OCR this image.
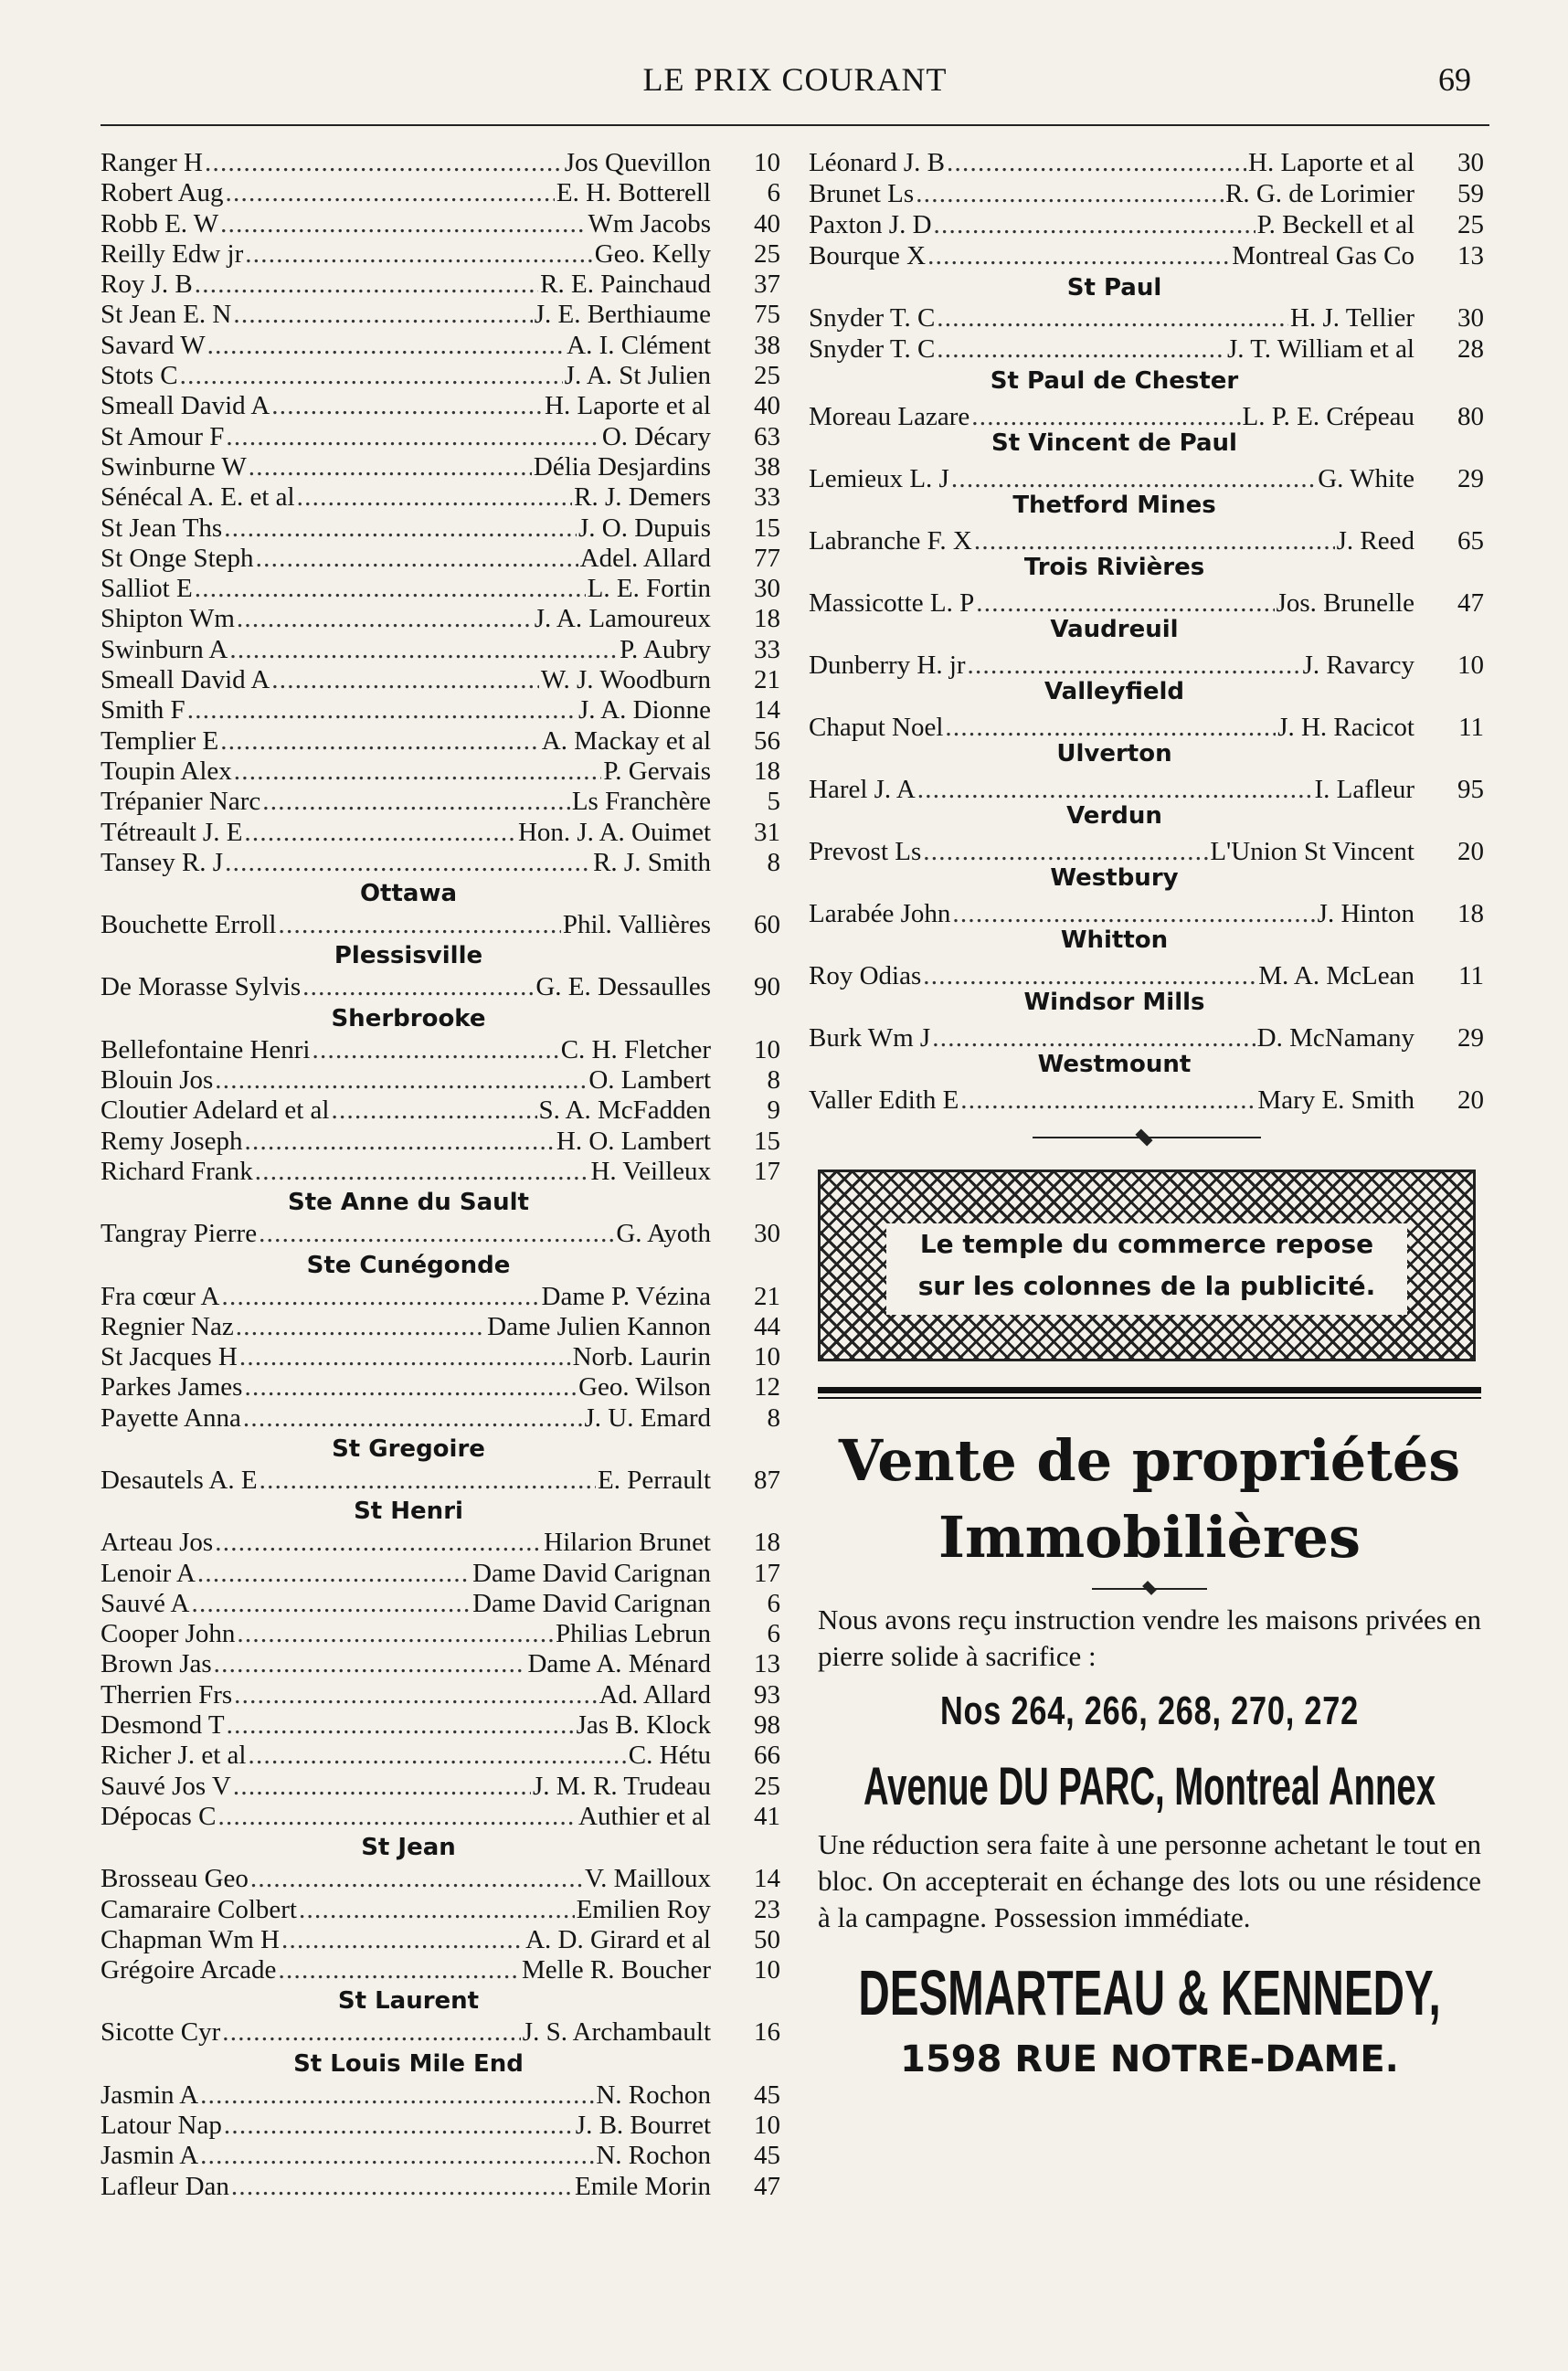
LE PRIX COURANT	69
Ranger H . . .	Jos Quevillon	10
Robert Aug . . .	E. H. Botterell	6
Robb E. W . . .	Wm Jacobs	40
Reilly Edw jr . . .	Geo. Kelly	25
Roy J. B . . .	R. E. Painchaud	37
St Jean E. N . . .	J. E. Berthiaume	75
Savard W . . .	A. I. Clément	38
Stots C . . .	J. A. St Julien	25
Smeall David A . . .	H. Laporte et al	40
St Amour F . . .	O. Décary	63
Swinburne W . . .	Délia Desjardins	38
Sénécal A. E. et al . . .	R. J. Demers	33
St Jean Ths . . .	J. O. Dupuis	15
St Onge Steph . . .	Adel. Allard	77
Salliot E . . .	L. E. Fortin	30
Shipton Wm . . .	J. A. Lamoureux	18
Swinburn A . . .	P. Aubry	33
Smeall David A . . .	W. J. Woodburn	21
Smith F . . .	J. A. Dionne	14
Templier E . . .	A. Mackay et al	56
Toupin Alex . . .	P. Gervais	18
Trépanier Narc . . .	Ls Franchère	5
Tétreault J. E . . .	Hon. J. A. Ouimet	31
Tansey R. J . . .	R. J. Smith	8
Ottawa
Bouchette Erroll . . .	Phil. Vallières	60
Plessisville
De Morasse Sylvis . . .	G. E. Dessaulles	90
Sherbrooke
Bellefontaine Henri . . .	C. H. Fletcher	10
Blouin Jos . . .	O. Lambert	8
Cloutier Adelard et al . . .	S. A. McFadden	9
Remy Joseph . . .	H. O. Lambert	15
Richard Frank . . .	H. Veilleux	17
Ste Anne du Sault
Tangray Pierre . . .	G. Ayoth	30
Ste Cunégonde
Fra cœur A . . .	Dame P. Vézina	21
Regnier Naz . . .	Dame Julien Kannon	44
St Jacques H . . .	Norb. Laurin	10
Parkes James . . .	Geo. Wilson	12
Payette Anna . . .	J. U. Emard	8
St Gregoire
Desautels A. E . . .	E. Perrault	87
St Henri
Arteau Jos . . .	Hilarion Brunet	18
Lenoir A . . .	Dame David Carignan	17
Sauvé A . . .	Dame David Carignan	6
Cooper John . . .	Philias Lebrun	6
Brown Jas . . .	Dame A. Ménard	13
Therrien Frs . . .	Ad. Allard	93
Desmond T . . .	Jas B. Klock	98
Richer J. et al . . .	C. Hétu	66
Sauvé Jos V . . .	J. M. R. Trudeau	25
Dépocas C . . .	Authier et al	41
St Jean
Brosseau Geo . . .	V. Mailloux	14
Camaraire Colbert . . .	Emilien Roy	23
Chapman Wm H . . .	A. D. Girard et al	50
Grégoire Arcade . . .	Melle R. Boucher	10
St Laurent
Sicotte Cyr . . .	J. S. Archambault	16
St Louis Mile End
Jasmin A . . .	N. Rochon	45
Latour Nap . . .	J. B. Bourret	10
Jasmin A . . .	N. Rochon	45
Lafleur Dan . . .	Emile Morin	47
Léonard J. B . . .	H. Laporte et al	30
Brunet Ls . . .	R. G. de Lorimier	59
Paxton J. D . . .	P. Beckell et al	25
Bourque X . . .	Montreal Gas Co	13
St Paul
Snyder T. C . . .	H. J. Tellier	30
Snyder T. C . . .	J. T. William et al	28
St Paul de Chester
Moreau Lazare . . .	L. P. E. Crépeau	80
St Vincent de Paul
Lemieux L. J . . .	G. White	29
Thetford Mines
Labranche F. X . . .	J. Reed	65
Trois Rivières
Massicotte L. P . . .	Jos. Brunelle	47
Vaudreuil
Dunberry H. jr . . .	J. Ravarcy	10
Valleyfield
Chaput Noel . . .	J. H. Racicot	11
Ulverton
Harel J. A . . .	I. Lafleur	95
Verdun
Prevost Ls . . .	L'Union St Vincent	20
Westbury
Larabée John . . .	J. Hinton	18
Whitton
Roy Odias . . .	M. A. McLean	11
Windsor Mills
Burk Wm J . . .	D. McNamany	29
Westmount
Valler Edith E . . .	Mary E. Smith	20
Le temple du commerce repose
sur les colonnes de la publicité.
Vente de propriétés
Immobilières
Nous avons reçu instruction vendre les maisons privées en pierre solide à sacrifice :
Nos 264, 266, 268, 270, 272
Avenue DU PARC, Montreal Annex
Une réduction sera faite à une personne achetant le tout en bloc. On accepterait en échange des lots ou une résidence à la campagne. Possession immédiate.
DESMARTEAU & KENNEDY,
1598 RUE NOTRE-DAME.
